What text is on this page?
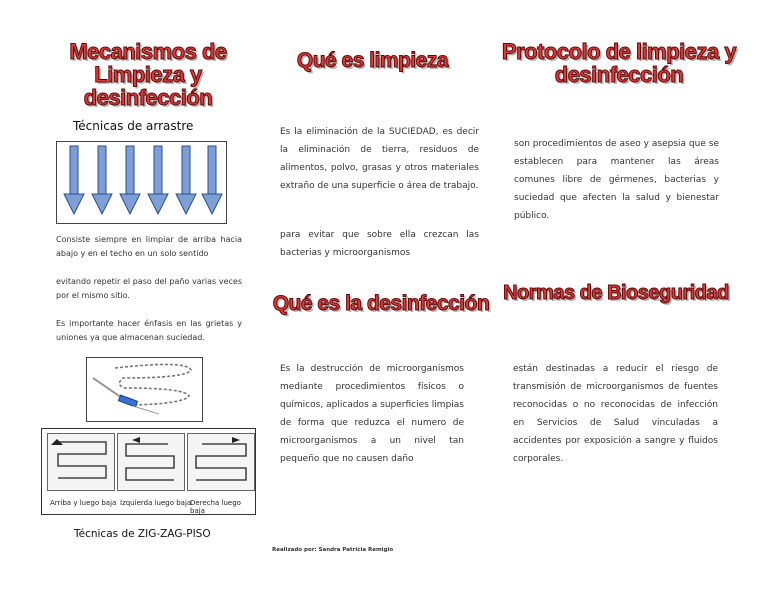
Mecanismos de Limpieza y desinfección
Técnicas de arrastre
Consiste siempre en limpiar de arriba hacia abajo y en el techo en un solo sentido
evitando repetir el paso del paño varias veces por el mismo sitio.
Es importante hacer énfasis en las grietas y uniones ya que almacenan suciedad.
Arriba y luego baja Izquierda luego baja
Derecha luego baja
Técnicas de ZIG-ZAG-PISO
Qué es limpieza
Es la eliminación de la SUCIEDAD, es decir la eliminación de tierra, residuos de alimentos, polvo, grasas y otros materiales extraño de una superficie o área de trabajo.
para evitar que sobre ella crezcan las bacterias y microorganismos
Qué es la desinfección
Es la destrucción de microorganismos mediante procedimientos físicos o químicos, aplicados a superficies limpias de forma que reduzca el numero de microorganismos a un nivel tan pequeño que no causen daño
Realizado por: Sandra Patricia Remigio
Protocolo de limpieza y desinfección
son procedimientos de aseo y asepsia que se establecen para mantener las áreas comunes libre de gérmenes, bacterias y suciedad que afecten la salud y bienestar público.
Normas de Bioseguridad
están destinadas a reducir el riesgo de transmisión de microorganismos de fuentes reconocidas o no reconocidas de infección en Servicios de Salud vinculadas a accidentes por exposición a sangre y fluidos corporales.
